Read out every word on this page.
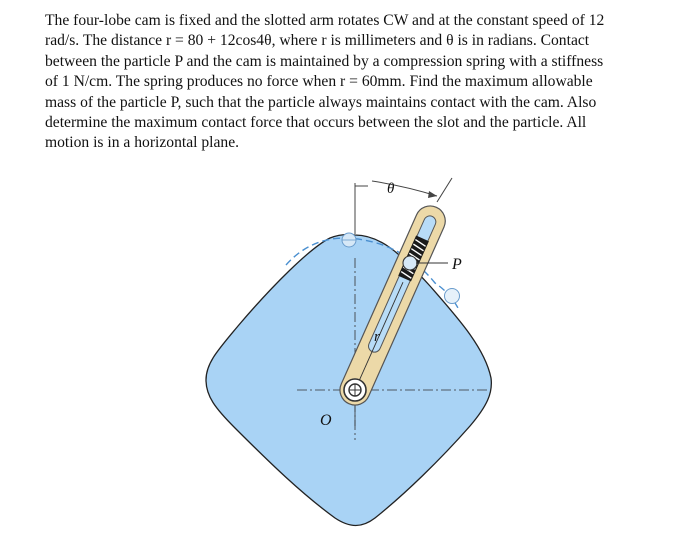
The four-lobe cam is fixed and the slotted arm rotates CW and at the constant speed of 12
rad/s. The distance r = 80 + 12cos4θ, where r is millimeters and θ is in radians. Contact
between the particle P and the cam is maintained by a compression spring with a stiffness
of 1 N/cm. The spring produces no force when r = 60mm. Find the maximum allowable
mass of the particle P, such that the particle always maintains contact with the cam. Also
determine the maximum contact force that occurs between the slot and the particle. All
motion is in a horizontal plane.
θ
P
r
O
